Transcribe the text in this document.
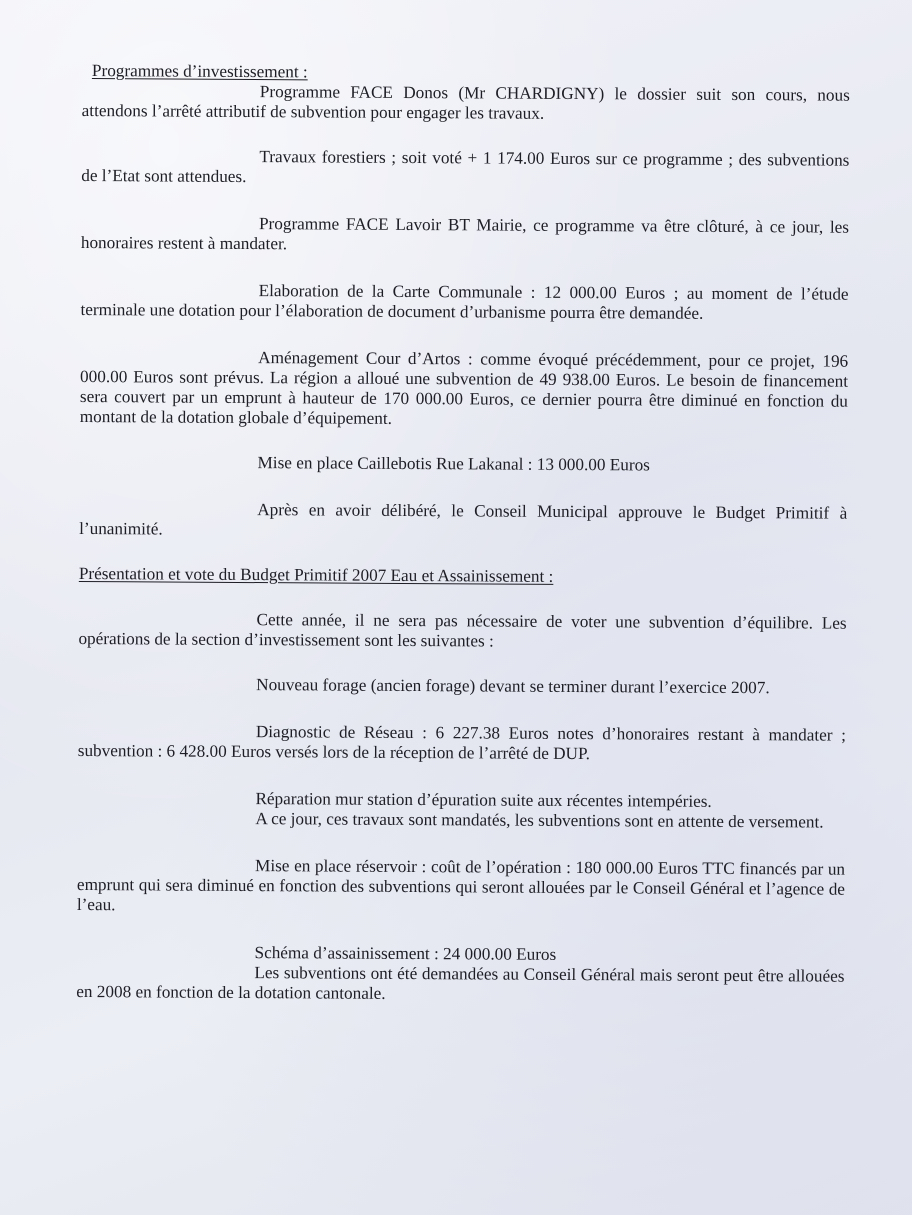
Programmes d’investissement :

Programme FACE Donos (Mr CHARDIGNY) le dossier suit son cours, nous attendons l’arrêté attributif de subvention pour engager les travaux.

Travaux forestiers ; soit voté + 1 174.00 Euros sur ce programme ; des subventions de l’Etat sont attendues.

Programme FACE Lavoir BT Mairie, ce programme va être clôturé, à ce jour, les honoraires restent à mandater.

Elaboration de la Carte Communale : 12 000.00 Euros ; au moment de l’étude terminale une dotation pour l’élaboration de document d’urbanisme pourra être demandée.

Aménagement Cour d’Artos : comme évoqué précédemment, pour ce projet, 196 000.00 Euros sont prévus. La région a alloué une subvention de 49 938.00 Euros. Le besoin de financement sera couvert par un emprunt à hauteur de 170 000.00 Euros, ce dernier pourra être diminué en fonction du montant de la dotation globale d’équipement.

Mise en place Caillebotis Rue Lakanal : 13 000.00 Euros

Après en avoir délibéré, le Conseil Municipal approuve le Budget Primitif à l’unanimité.

Présentation et vote du Budget Primitif 2007 Eau et Assainissement :

Cette année, il ne sera pas nécessaire de voter une subvention d’équilibre. Les opérations de la section d’investissement sont les suivantes :

Nouveau forage (ancien forage) devant se terminer durant l’exercice 2007.

Diagnostic de Réseau : 6 227.38 Euros notes d’honoraires restant à mandater ; subvention : 6 428.00 Euros versés lors de la réception de l’arrêté de DUP.

Réparation mur station d’épuration suite aux récentes intempéries.

A ce jour, ces travaux sont mandatés, les subventions sont en attente de versement.

Mise en place réservoir : coût de l’opération : 180 000.00 Euros TTC financés par un emprunt qui sera diminué en fonction des subventions qui seront allouées par le Conseil Général et l’agence de l’eau.

Schéma d’assainissement : 24 000.00 Euros

Les subventions ont été demandées au Conseil Général mais seront peut être allouées en 2008 en fonction de la dotation cantonale.
